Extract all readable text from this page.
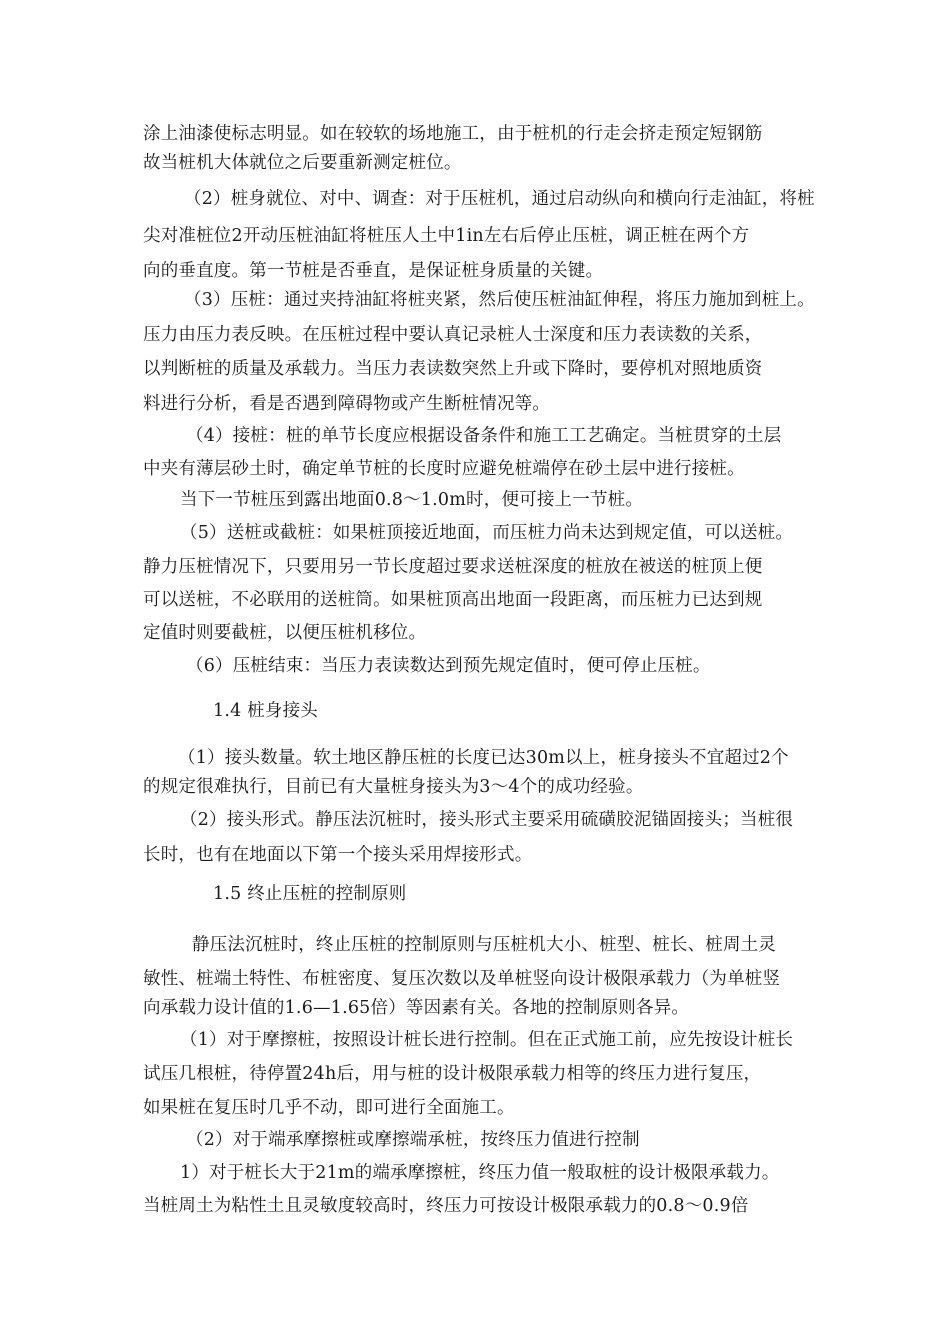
涂上油漆使标志明显。如在较软的场地施工，由于桩机的行走会挤走预定短钢筋
故当桩机大体就位之后要重新测定桩位。
（2）桩身就位、对中、调查：对于压桩机，通过启动纵向和横向行走油缸，将桩
尖对准桩位2开动压桩油缸将桩压人土中1in左右后停止压桩，调正桩在两个方
向的垂直度。第一节桩是否垂直，是保证桩身质量的关键。
（3）压桩：通过夹持油缸将桩夹紧，然后使压桩油缸伸程，将压力施加到桩上。
压力由压力表反映。在压桩过程中要认真记录桩人士深度和压力表读数的关系，
以判断桩的质量及承载力。当压力表读数突然上升或下降时，要停机对照地质资
料进行分析，看是否遇到障碍物或产生断桩情况等。
（4）接桩：桩的单节长度应根据设备条件和施工工艺确定。当桩贯穿的土层
中夹有薄层砂土时，确定单节桩的长度时应避免桩端停在砂土层中进行接桩。
当下一节桩压到露出地面0.8～1.0m时，便可接上一节桩。
（5）送桩或截桩：如果桩顶接近地面，而压桩力尚未达到规定值，可以送桩。
静力压桩情况下，只要用另一节长度超过要求送桩深度的桩放在被送的桩顶上便
可以送桩，不必联用的送桩筒。如果桩顶高出地面一段距离，而压桩力已达到规
定值时则要截桩，以便压桩机移位。
（6）压桩结束：当压力表读数达到预先规定值时，便可停止压桩。
1.4 桩身接头
（1）接头数量。软土地区静压桩的长度已达30m以上，桩身接头不宜超过2个
的规定很难执行，目前已有大量桩身接头为3～4个的成功经验。
（2）接头形式。静压法沉桩时，接头形式主要采用硫磺胶泥锚固接头；当桩很
长时，也有在地面以下第一个接头采用焊接形式。
1.5 终止压桩的控制原则
静压法沉桩时，终止压桩的控制原则与压桩机大小、桩型、桩长、桩周土灵
敏性、桩端土特性、布桩密度、复压次数以及单桩竖向设计极限承载力（为单桩竖
向承载力设计值的1.6—1.65倍）等因素有关。各地的控制原则各异。
（1）对于摩擦桩，按照设计桩长进行控制。但在正式施工前，应先按设计桩长
试压几根桩，待停置24h后，用与桩的设计极限承载力相等的终压力进行复压，
如果桩在复压时几乎不动，即可进行全面施工。
（2）对于端承摩擦桩或摩擦端承桩，按终压力值进行控制
1）对于桩长大于21m的端承摩擦桩，终压力值一般取桩的设计极限承载力。
当桩周土为粘性土且灵敏度较高时，终压力可按设计极限承载力的0.8～0.9倍
